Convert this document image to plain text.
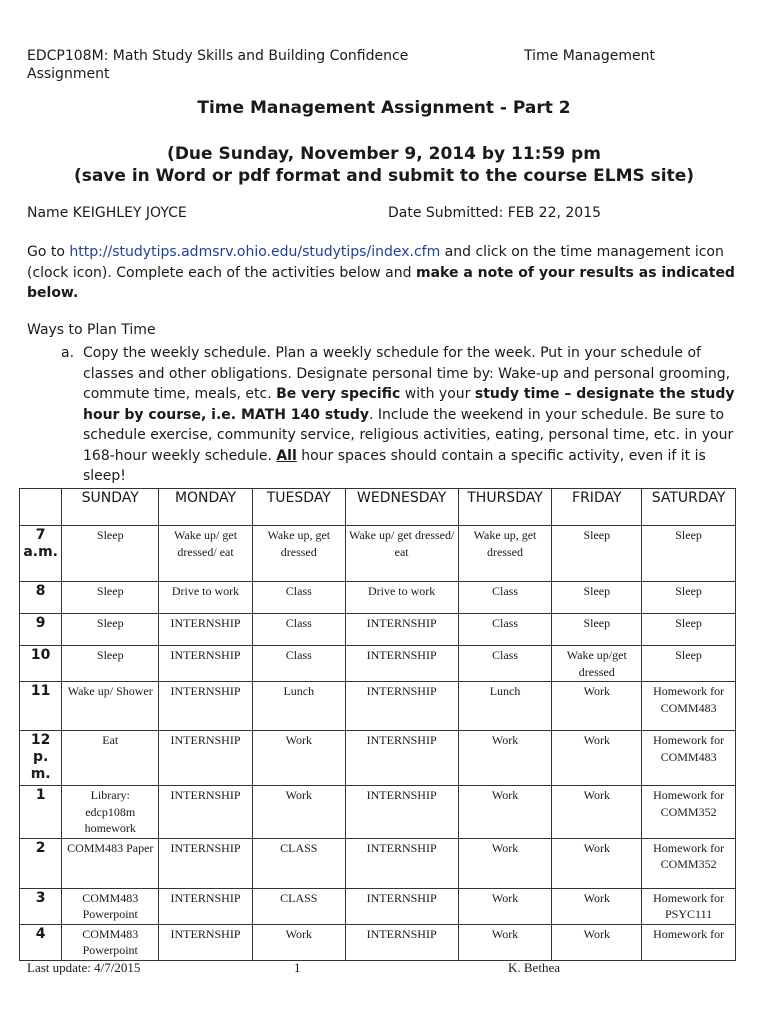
EDCP108M: Math Study Skills and Building Confidence
Assignment
Time Management
Time Management Assignment - Part 2
(Due Sunday, November 9, 2014 by 11:59 pm
(save in Word or pdf format and submit to the course ELMS site)
Name KEIGHLEY JOYCE	Date Submitted: FEB 22, 2015
Go to http://studytips.admsrv.ohio.edu/studytips/index.cfm and click on the time management icon (clock icon). Complete each of the activities below and make a note of your results as indicated below.
Ways to Plan Time
a. Copy the weekly schedule. Plan a weekly schedule for the week. Put in your schedule of classes and other obligations. Designate personal time by: Wake-up and personal grooming, commute time, meals, etc. Be very specific with your study time – designate the study hour by course, i.e. MATH 140 study. Include the weekend in your schedule. Be sure to schedule exercise, community service, religious activities, eating, personal time, etc. in your 168-hour weekly schedule. All hour spaces should contain a specific activity, even if it is sleep!
	SUNDAY	MONDAY	TUESDAY	WEDNESDAY	THURSDAY	FRIDAY	SATURDAY
7 a.m.	Sleep	Wake up/ get dressed/ eat	Wake up, get dressed	Wake up/ get dressed/ eat	Wake up, get dressed	Sleep	Sleep
8	Sleep	Drive to work	Class	Drive to work	Class	Sleep	Sleep
9	Sleep	INTERNSHIP	Class	INTERNSHIP	Class	Sleep	Sleep
10	Sleep	INTERNSHIP	Class	INTERNSHIP	Class	Wake up/get dressed	Sleep
11	Wake up/ Shower	INTERNSHIP	Lunch	INTERNSHIP	Lunch	Work	Homework for COMM483
12 p. m.	Eat	INTERNSHIP	Work	INTERNSHIP	Work	Work	Homework for COMM483
1	Library: edcp108m homework	INTERNSHIP	Work	INTERNSHIP	Work	Work	Homework for COMM352
2	COMM483 Paper	INTERNSHIP	CLASS	INTERNSHIP	Work	Work	Homework for COMM352
3	COMM483 Powerpoint	INTERNSHIP	CLASS	INTERNSHIP	Work	Work	Homework for PSYC111
4	COMM483 Powerpoint	INTERNSHIP	Work	INTERNSHIP	Work	Work	Homework for
Last update: 4/7/2015	1	K. Bethea
